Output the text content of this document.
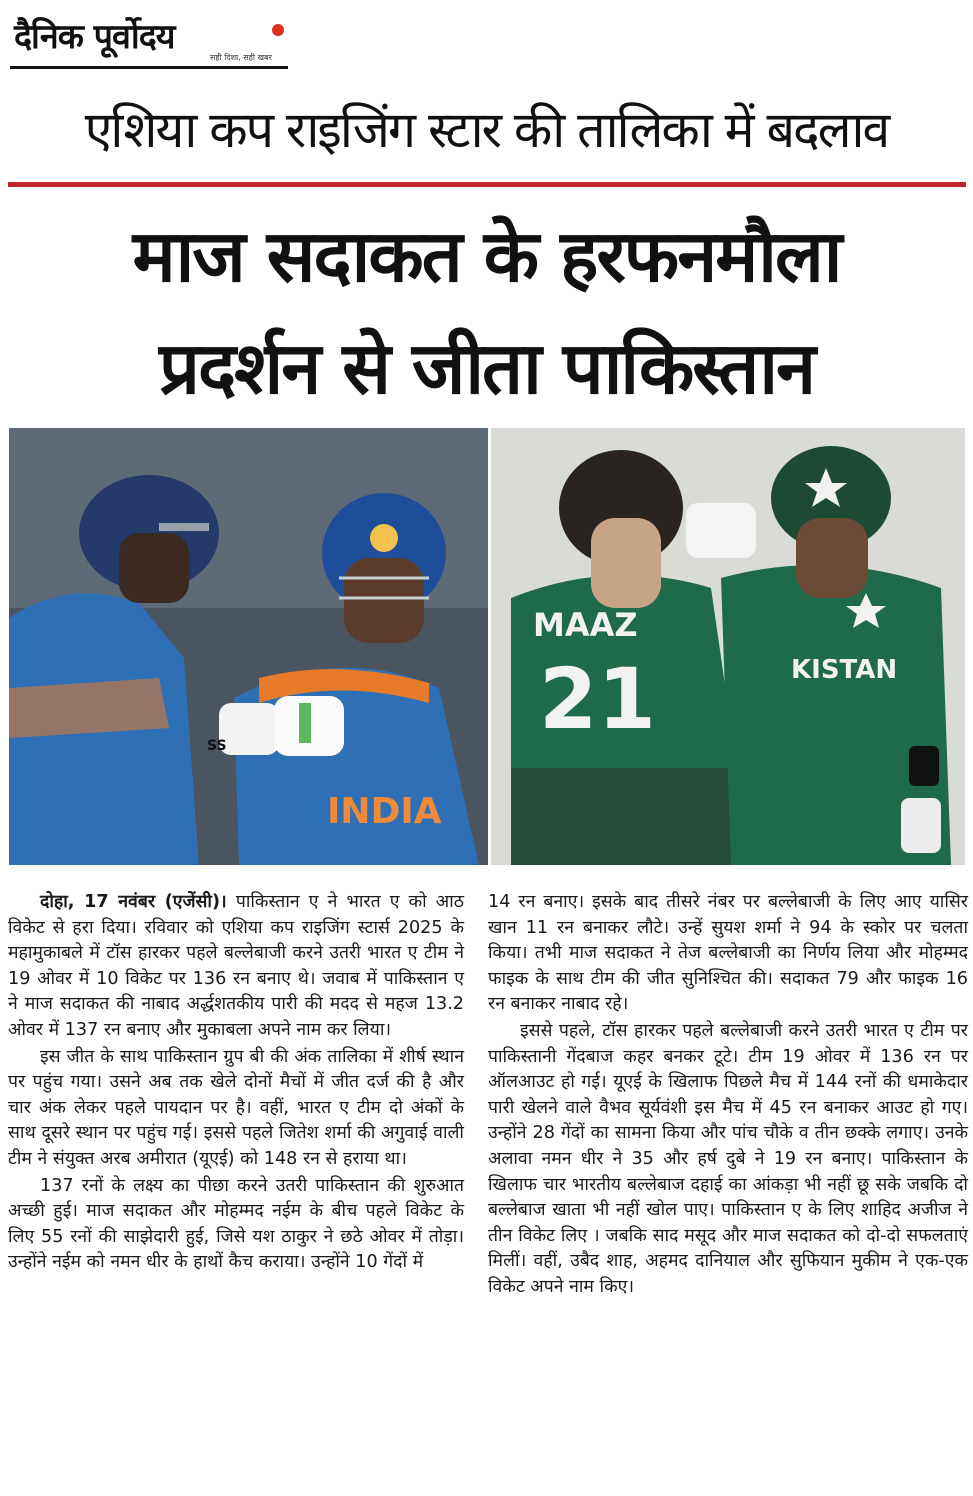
दैनिक पूर्वोदय
सही दिशा, सही खबर
एशिया कप राइजिंग स्टार की तालिका में बदलाव
माज सदाकत के हरफनमौला
प्रदर्शन से जीता पाकिस्तान
INDIA
SS
MAAZ
21	KISTAN

दोहा, 17 नवंबर (एजेंसी)। पाकिस्तान ए ने भारत ए को आठ विकेट से हरा दिया। रविवार को एशिया कप राइजिंग स्टार्स 2025 के महामुकाबले में टॉस हारकर पहले बल्लेबाजी करने उतरी भारत ए टीम ने 19 ओवर में 10 विकेट पर 136 रन बनाए थे। जवाब में पाकिस्तान ए ने माज सदाकत की नाबाद अर्द्धशतकीय पारी की मदद से महज 13.2 ओवर में 137 रन बनाए और मुकाबला अपने नाम कर लिया।

इस जीत के साथ पाकिस्तान ग्रुप बी की अंक तालिका में शीर्ष स्थान पर पहुंच गया। उसने अब तक खेले दोनों मैचों में जीत दर्ज की है और चार अंक लेकर पहले पायदान पर है। वहीं, भारत ए टीम दो अंकों के साथ दूसरे स्थान पर पहुंच गई। इससे पहले जितेश शर्मा की अगुवाई वाली टीम ने संयुक्त अरब अमीरात (यूएई) को 148 रन से हराया था।

137 रनों के लक्ष्य का पीछा करने उतरी पाकिस्तान की शुरुआत अच्छी हुई। माज सदाकत और मोहम्मद नईम के बीच पहले विकेट के लिए 55 रनों की साझेदारी हुई, जिसे यश ठाकुर ने छठे ओवर में तोड़ा। उन्होंने नईम को नमन धीर के हाथों कैच कराया। उन्होंने 10 गेंदों में

14 रन बनाए। इसके बाद तीसरे नंबर पर बल्लेबाजी के लिए आए यासिर खान 11 रन बनाकर लौटे। उन्हें सुयश शर्मा ने 94 के स्कोर पर चलता किया। तभी माज सदाकत ने तेज बल्लेबाजी का निर्णय लिया और मोहम्मद फाइक के साथ टीम की जीत सुनिश्चित की। सदाकत 79 और फाइक 16 रन बनाकर नाबाद रहे।

इससे पहले, टॉस हारकर पहले बल्लेबाजी करने उतरी भारत ए टीम पर पाकिस्तानी गेंदबाज कहर बनकर टूटे। टीम 19 ओवर में 136 रन पर ऑलआउट हो गई। यूएई के खिलाफ पिछले मैच में 144 रनों की धमाकेदार पारी खेलने वाले वैभव सूर्यवंशी इस मैच में 45 रन बनाकर आउट हो गए। उन्होंने 28 गेंदों का सामना किया और पांच चौके व तीन छक्के लगाए। उनके अलावा नमन धीर ने 35 और हर्ष दुबे ने 19 रन बनाए। पाकिस्तान के खिलाफ चार भारतीय बल्लेबाज दहाई का आंकड़ा भी नहीं छू सके जबकि दो बल्लेबाज खाता भी नहीं खोल पाए। पाकिस्तान ए के लिए शाहिद अजीज ने तीन विकेट लिए । जबकि साद मसूद और माज सदाकत को दो-दो सफलताएं मिलीं। वहीं, उबैद शाह, अहमद दानियाल और सुफियान मुकीम ने एक-एक विकेट अपने नाम किए।
